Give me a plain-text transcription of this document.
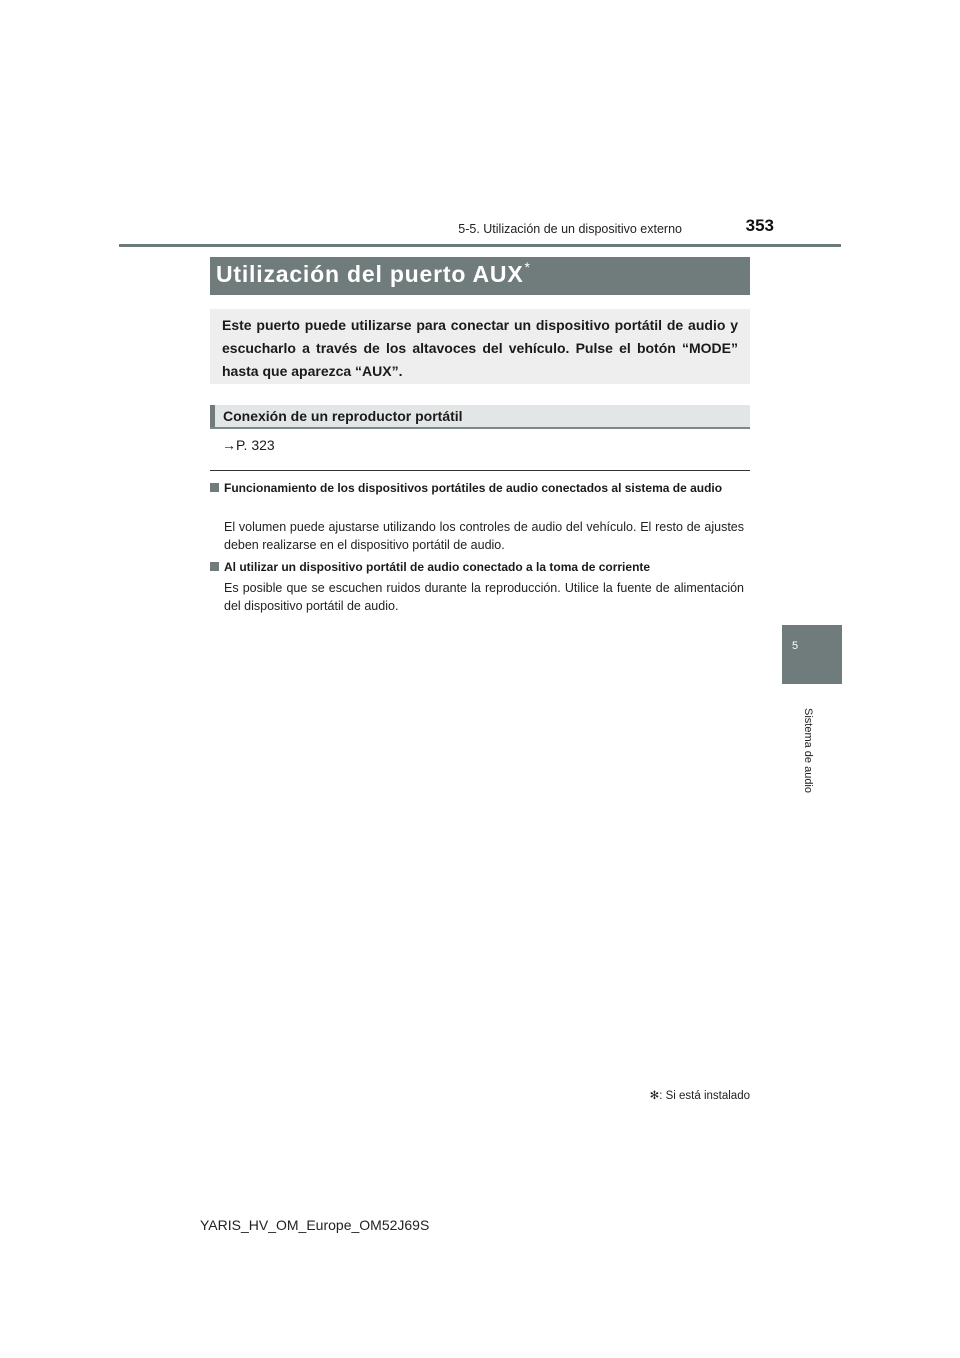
5-5. Utilización de un dispositivo externo	353
5
Sistema de audio
Utilización del puerto AUX*
Este puerto puede utilizarse para conectar un dispositivo portátil de audio y escucharlo a través de los altavoces del vehículo. Pulse el botón “MODE” hasta que aparezca “AUX”.
Conexión de un reproductor portátil
→P. 323
Funcionamiento de los dispositivos portátiles de audio conectados al sistema de audio
El volumen puede ajustarse utilizando los controles de audio del vehículo. El resto de ajustes deben realizarse en el dispositivo portátil de audio.
Al utilizar un dispositivo portátil de audio conectado a la toma de corriente
Es posible que se escuchen ruidos durante la reproducción. Utilice la fuente de alimentación del dispositivo portátil de audio.
✻: Si está instalado
YARIS_HV_OM_Europe_OM52J69S
